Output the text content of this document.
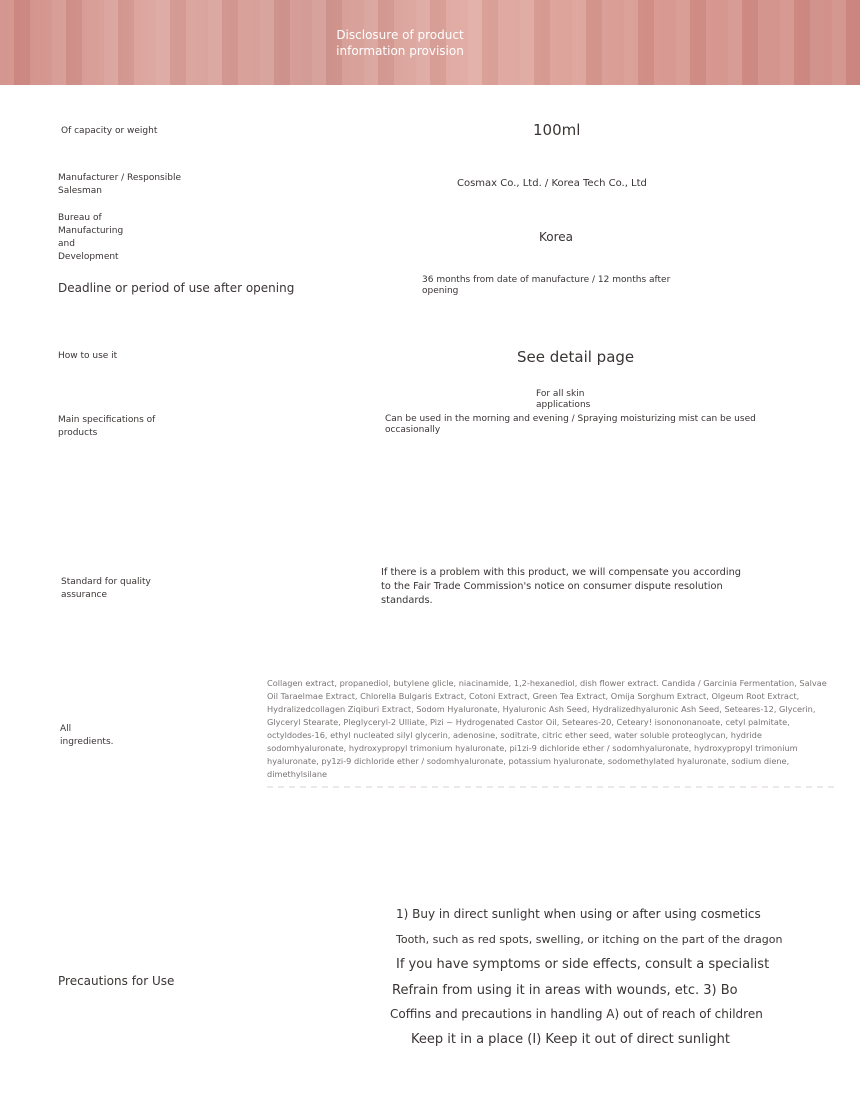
Disclosure of product
information provision
Of capacity or weight	100ml
Manufacturer / Responsible
Salesman
Cosmax Co., Ltd. / Korea Tech Co., Ltd
Bureau of
Manufacturing
and
Development
Korea
Deadline or period of use after opening
36 months from date of manufacture / 12 months after
opening
How to use it	See detail page
Main specifications of
products
For all skin
applications
Can be used in the morning and evening / Spraying moisturizing mist can be used
occasionally
Standard for quality
assurance
If there is a problem with this product, we will compensate you according
to the Fair Trade Commission's notice on consumer dispute resolution
standards.
All
ingredients.
Collagen extract, propanediol, butylene glicle, niacinamide, 1,2-hexanediol, dish flower extract. Candida / Garcinia Fermentation, Salvae Oil Taraelmae Extract, Chlorella Bulgaris Extract, Cotoni Extract, Green Tea Extract, Omija Sorghum Extract, Olgeum Root Extract, Hydralizedcollagen Ziqiburi Extract, Sodom Hyaluronate, Hyaluronic Ash Seed, Hydralizedhyaluronic Ash Seed, Seteares-12, Glycerin, Glyceryl Stearate, Pleglyceryl-2 Ulliate, Pizi ~ Hydrogenated Castor Oil, Seteares-20, Ceteary! isonononanoate, cetyl palmitate, octyldodes-16, ethyl nucleated silyl glycerin, adenosine, soditrate, citric ether seed, water soluble proteoglycan, hydride sodomhyaluronate, hydroxypropyl trimonium hyaluronate, pi1zi-9 dichloride ether / sodomhyaluronate, hydroxypropyl trimonium hyaluronate, py1zi-9 dichloride ether / sodomhyaluronate, potassium hyaluronate, sodomethylated hyaluronate, sodium diene, dimethylsilane
Precautions for Use
1) Buy in direct sunlight when using or after using cosmetics
Tooth, such as red spots, swelling, or itching on the part of the dragon
If you have symptoms or side effects, consult a specialist
Refrain from using it in areas with wounds, etc. 3) Bo
Coffins and precautions in handling A) out of reach of children
Keep it in a place (I) Keep it out of direct sunlight
